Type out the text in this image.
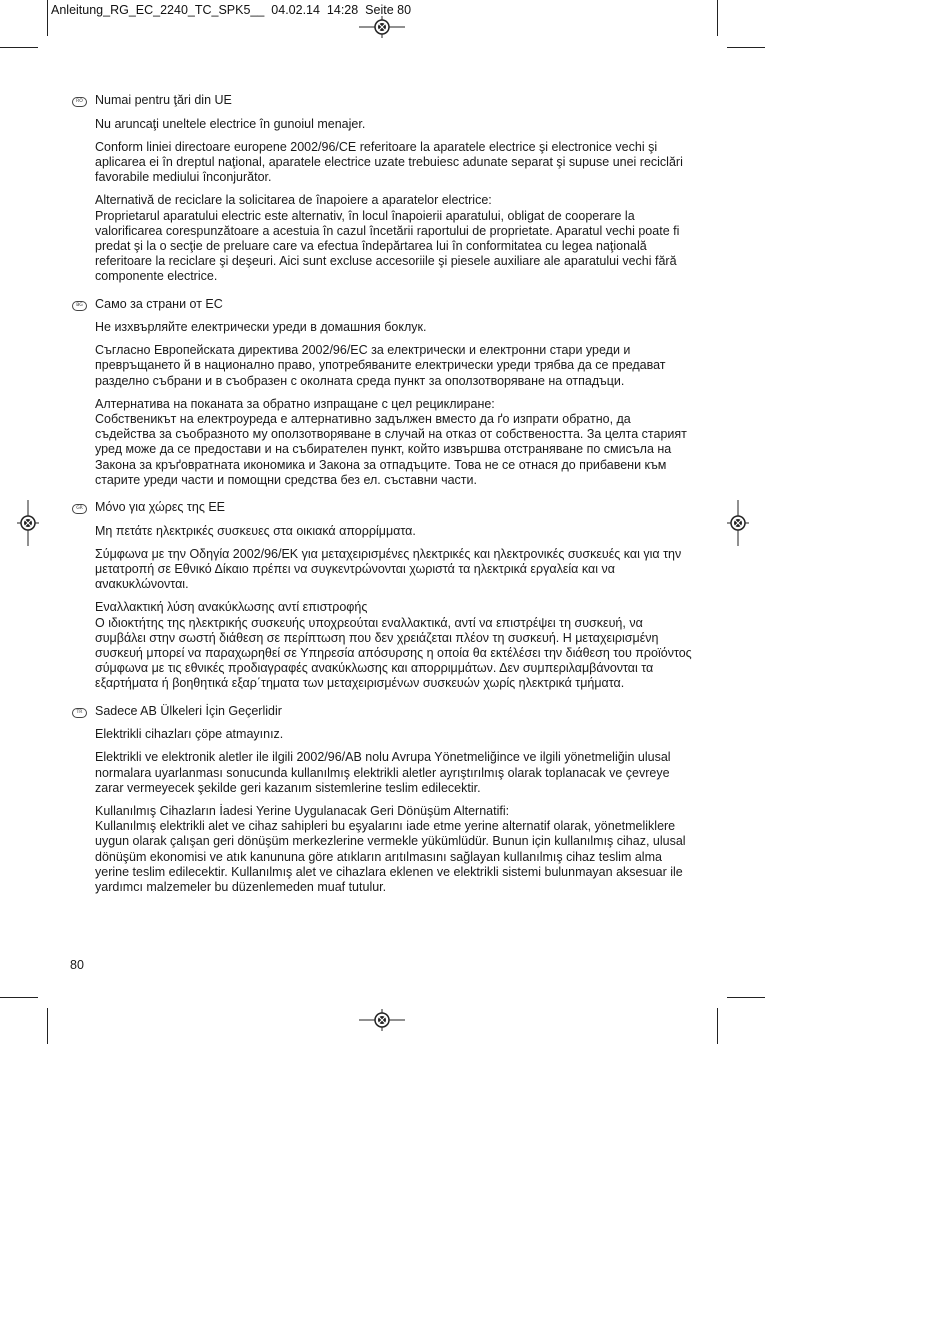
Anleitung_RG_EC_2240_TC_SPK5__ 04.02.14 14:28 Seite 80
RO Numai pentru ţări din UE

Nu aruncaţi uneltele electrice în gunoiul menajer.

Conform liniei directoare europene 2002/96/CE referitoare la aparatele electrice şi electronice vechi şi aplicarea ei în dreptul naţional, aparatele electrice uzate trebuiesc adunate separat şi supuse unei reciclări favorabile mediului înconjurător.

Alternativă de reciclare la solicitarea de înapoiere a aparatelor electrice:
Proprietarul aparatului electric este alternativ, în locul înapoierii aparatului, obligat de cooperare la valorificarea corespunzătoare a acestuia în cazul încetării raportului de proprietate. Aparatul vechi poate fi predat şi la o secţie de preluare care va efectua îndepărtarea lui în conformitatea cu legea naţională referitoare la reciclare şi deşeuri. Aici sunt excluse accesoriile şi piesele auxiliare ale aparatului vechi fără componente electrice.

BG Само за страни от ЕС

Не изхвърляйте електрически уреди в домашния боклук.

Съгласно Европейската директива 2002/96/ЕС за електрически и електронни стари уреди и превръщането й в национално право, употребяваните електрически уреди трябва да се предават разделно събрани и в съобразен с околната среда пункт за оползотворяване на отпадъци.

Алтернатива на поканата за обратно изпращане с цел рециклиране:
Собственикът на електроуреда е алтернативно задължен вместо да ґо изпрати обратно, да съдейства за съобразното му оползотворяване в случай на отказ от собствеността. За целта старият уред може да се предостави и на събирателен пункт, който извършва отстраняване по смисъла на Закона за кръґовратната икономика и Закона за отпадъците. Това не се отнася до прибавени към старите уреди части и помощни средства без ел. съставни части.

GR Μόνο για χώρες της ΕΕ

Μη πετάτε ηλεκτρικές συσκευες στα οικιακά απορρίμματα.

Σύμφωνα με την Οδηγία 2002/96/ΕΚ για μεταχειρισμένες ηλεκτρικές και ηλεκτρονικές συσκευές και για την μετατροπή σε Εθνικό Δίκαιο πρέπει να συγκεντρώνονται χωριστά τα ηλεκτρικά εργαλεία και να ανακυκλώνονται.

Εναλλακτική λύση ανακύκλωσης αντί επιστροφής
Ο ιδιοκτήτης της ηλεκτρικής συσκευής υποχρεούται εναλλακτικά, αντί να επιστρέψει τη συσκευή, να συμβάλει στην σωστή διάθεση σε περίπτωση που δεν χρειάζεται πλέον τη συσκευή. Η μεταχειρισμένη συσκευή μπορεί να παραχωρηθεί σε Υπηρεσία απόσυρσης η οποία θα εκτέλέσει την διάθεση του προϊόντος σύμφωνα με τις εθνικές προδιαγραφές ανακύκλωσης και απορριμμάτων. Δεν συμπεριλαμβάνονται τα εξαρτήματα ή βοηθητικά εξαρ΄τηματα των μεταχειρισμένων συσκευών χωρίς ηλεκτρικά τμήματα.

TR	Sadece AB Ülkeleri İçin Geçerlidir

Elektrikli cihazları çöpe atmayınız.

Elektrikli ve elektronik aletler ile ilgili 2002/96/AB nolu Avrupa Yönetmeliğince ve ilgili yönetmeliğin ulusal normalara uyarlanması sonucunda kullanılmış elektrikli aletler ayrıştırılmış olarak toplanacak ve çevreye zarar vermeyecek şekilde geri kazanım sistemlerine teslim edilecektir.

Kullanılmış Cihazların İadesi Yerine Uygulanacak Geri Dönüşüm Alternatifi:
Kullanılmış elektrikli alet ve cihaz sahipleri bu eşyalarını iade etme yerine alternatif olarak, yönetmeliklere uygun olarak çalışan geri dönüşüm merkezlerine vermekle yükümlüdür. Bunun için kullanılmış cihaz, ulusal dönüşüm ekonomisi ve atık kanununa göre atıkların arıtılmasını sağlayan kullanılmış cihaz teslim alma yerine teslim edilecektir. Kullanılmış alet ve cihazlara eklenen ve elektrikli sistemi bulunmayan aksesuar ile yardımcı malzemeler bu düzenlemeden muaf tutulur.

80
